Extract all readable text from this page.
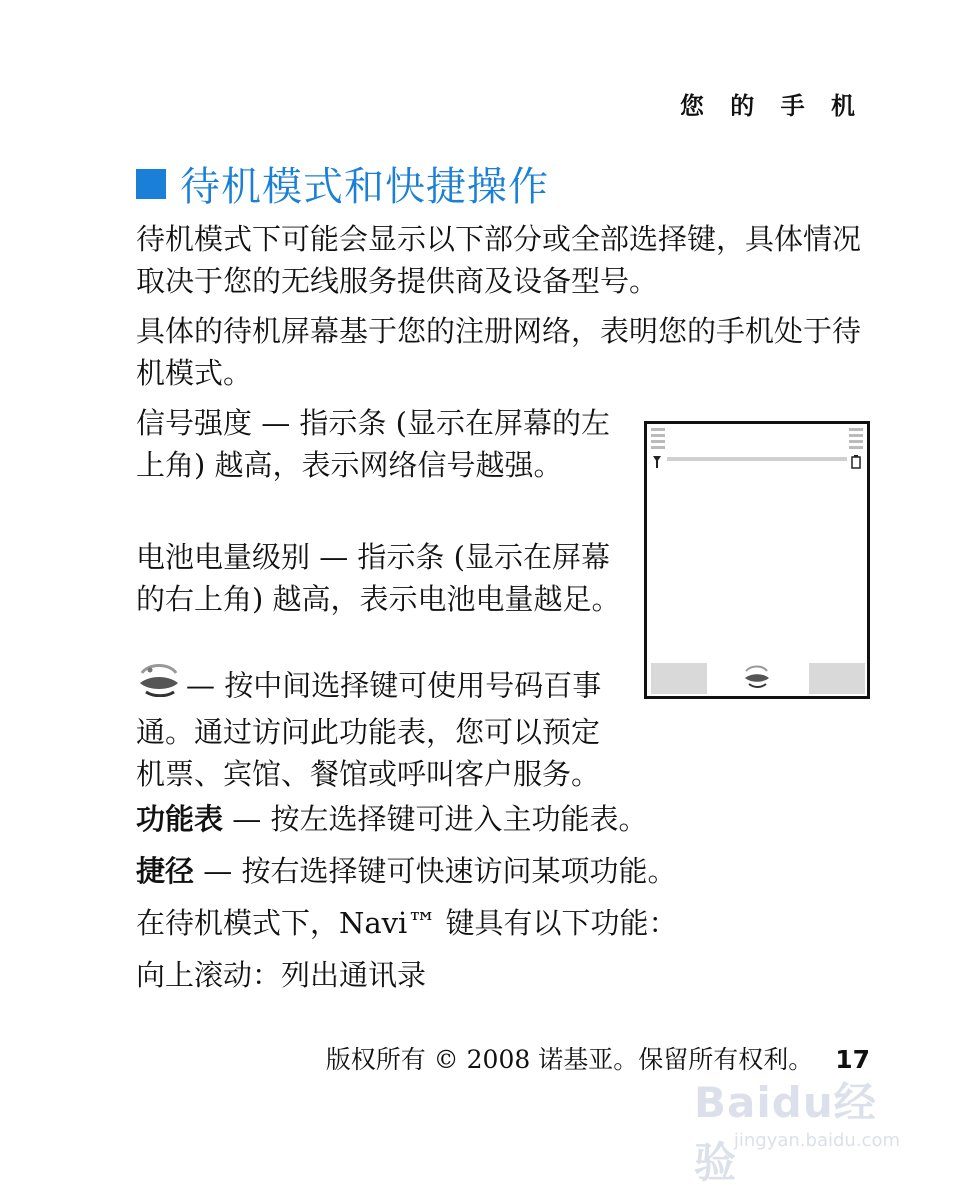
您 的 手 机
待机模式和快捷操作

待机模式下可能会显示以下部分或全部选择键，具体情况取决于您的无线服务提供商及设备型号。

具体的待机屏幕基于您的注册网络，表明您的手机处于待机模式。

信号强度 — 指示条 (显示在屏幕的左上角) 越高，表示网络信号越强。

电池电量级别 — 指示条 (显示在屏幕的右上角) 越高，表示电池电量越足。

— 按中间选择键可使用号码百事通。通过访问此功能表，您可以预定机票、宾馆、餐馆或呼叫客户服务。

功能表 — 按左选择键可进入主功能表。

捷径 — 按右选择键可快速访问某项功能。

在待机模式下，Navi™ 键具有以下功能：

向上滚动：列出通讯录

版权所有 © 2008 诺基亚。保留所有权利。 17
Baidu经验
jingyan.baidu.com
